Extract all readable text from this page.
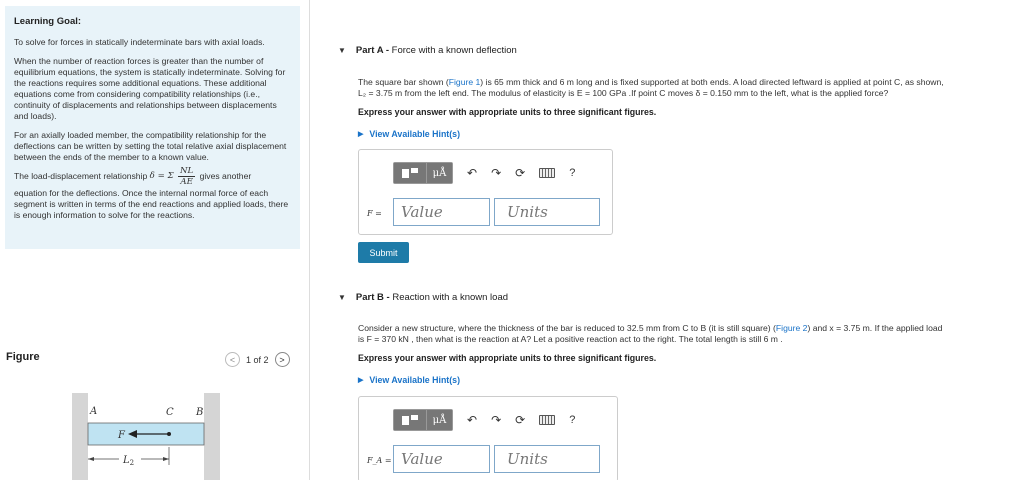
Learning Goal:
To solve for forces in statically indeterminate bars with axial loads.
When the number of reaction forces is greater than the number of equilibrium equations, the system is statically indeterminate. Solving for the reactions requires some additional equations. These additional equations come from considering compatibility relationships (i.e., continuity of displacements and relationships between displacements and loads).
For an axially loaded member, the compatibility relationship for the deflections can be written by setting the total relative axial displacement between the ends of the member to a known value.
The load-displacement relationship δ = Σ $\frac{NL}{AE}$ gives another
equation for the deflections. Once the internal normal force of each segment is written in terms of the end reactions and applied loads, there is enough information to solve for the reactions.
Figure	<	1 of 2	>
A	C B
F
$L_2$
▼ Part A - Force with a known deflection
The square bar shown (Figure 1) is 65 mm thick and 6 m long and is fixed supported at both ends. A load directed leftward is applied at point C, as shown,
L₂ = 3.75 m from the left end. The modulus of elasticity is E = 100 GPa .If point C moves δ = 0.150 mm to the left, what is the applied force?
Express your answer with appropriate units to three significant figures.
▶ View Available Hint(s)
μÅ	↶ ↷ ⟳	?
F =	Value	Units
Submit
▼ Part B - Reaction with a known load
Consider a new structure, where the thickness of the bar is reduced to 32.5 mm from C to B (it is still square) (Figure 2) and x = 3.75 m. If the applied load
is F = 370 kN , then what is the reaction at A? Let a positive reaction act to the right. The total length is still 6 m .
Express your answer with appropriate units to three significant figures.
▶ View Available Hint(s)
μÅ	↶ ↷ ⟳	?
F_A = Value	Units
